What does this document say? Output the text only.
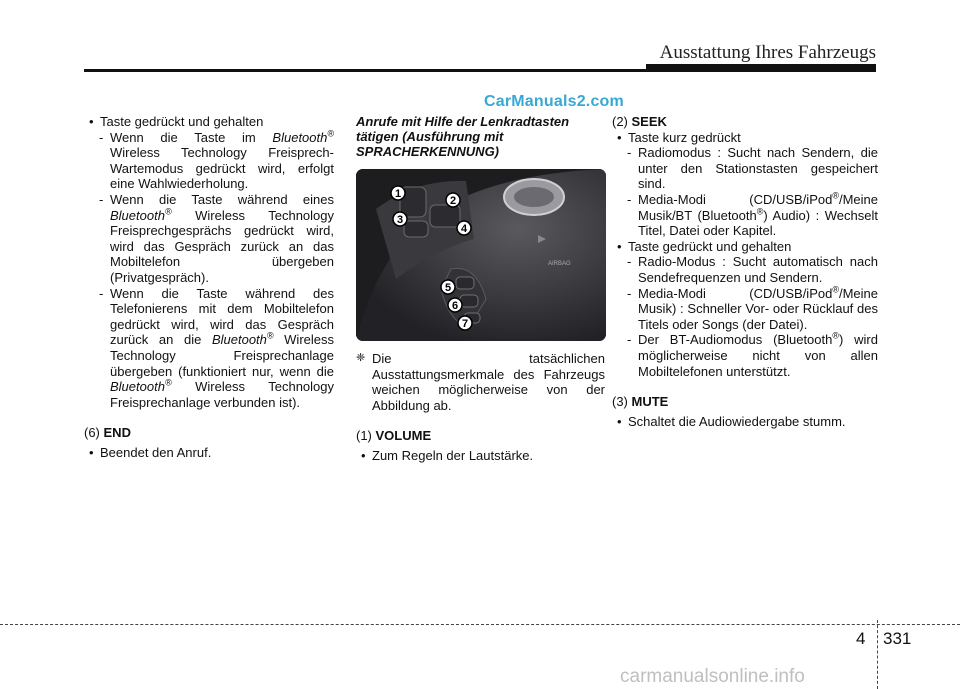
Ausstattung Ihres Fahrzeugs
CarManuals2.com
• Taste gedrückt und gehalten
- Wenn die Taste im Bluetooth® Wireless Technology Freisprech-Wartemodus gedrückt wird, erfolgt eine Wahlwiederholung.
- Wenn die Taste während eines Bluetooth® Wireless Technology Freisprechgesprächs gedrückt wird, wird das Gespräch zurück an das Mobiltelefon übergeben (Privatgespräch).
- Wenn die Taste während des Telefonierens mit dem Mobiltelefon gedrückt wird, wird das Gespräch zurück an die Bluetooth® Wireless Technology Freisprechanlage übergeben (funktioniert nur, wenn die Bluetooth® Wireless Technology Freisprechanlage verbunden ist).
(6) END
• Beendet den Anruf.
Anrufe mit Hilfe der Lenkradtasten tätigen (Ausführung mit SPRACHERKENNUNG)
AIRBAG
1
2
3
4
5
6
7
❈ Die tatsächlichen Ausstattungsmerkmale des Fahrzeugs weichen möglicherweise von der Abbildung ab.
(1) VOLUME
• Zum Regeln der Lautstärke.
(2) SEEK
• Taste kurz gedrückt
- Radiomodus : Sucht nach Sendern, die unter den Stationstasten gespeichert sind.
- Media-Modi (CD/USB/iPod®/Meine Musik/BT (Bluetooth®) Audio) : Wechselt Titel, Datei oder Kapitel.
• Taste gedrückt und gehalten
- Radio-Modus : Sucht automatisch nach Sendefrequenzen und Sendern.
- Media-Modi (CD/USB/iPod®/Meine Musik) : Schneller Vor- oder Rücklauf des Titels oder Songs (der Datei).
- Der BT-Audiomodus (Bluetooth®) wird möglicherweise nicht von allen Mobiltelefonen unterstützt.
(3) MUTE
• Schaltet die Audiowiedergabe stumm.
4 331
carmanualsonline.info
